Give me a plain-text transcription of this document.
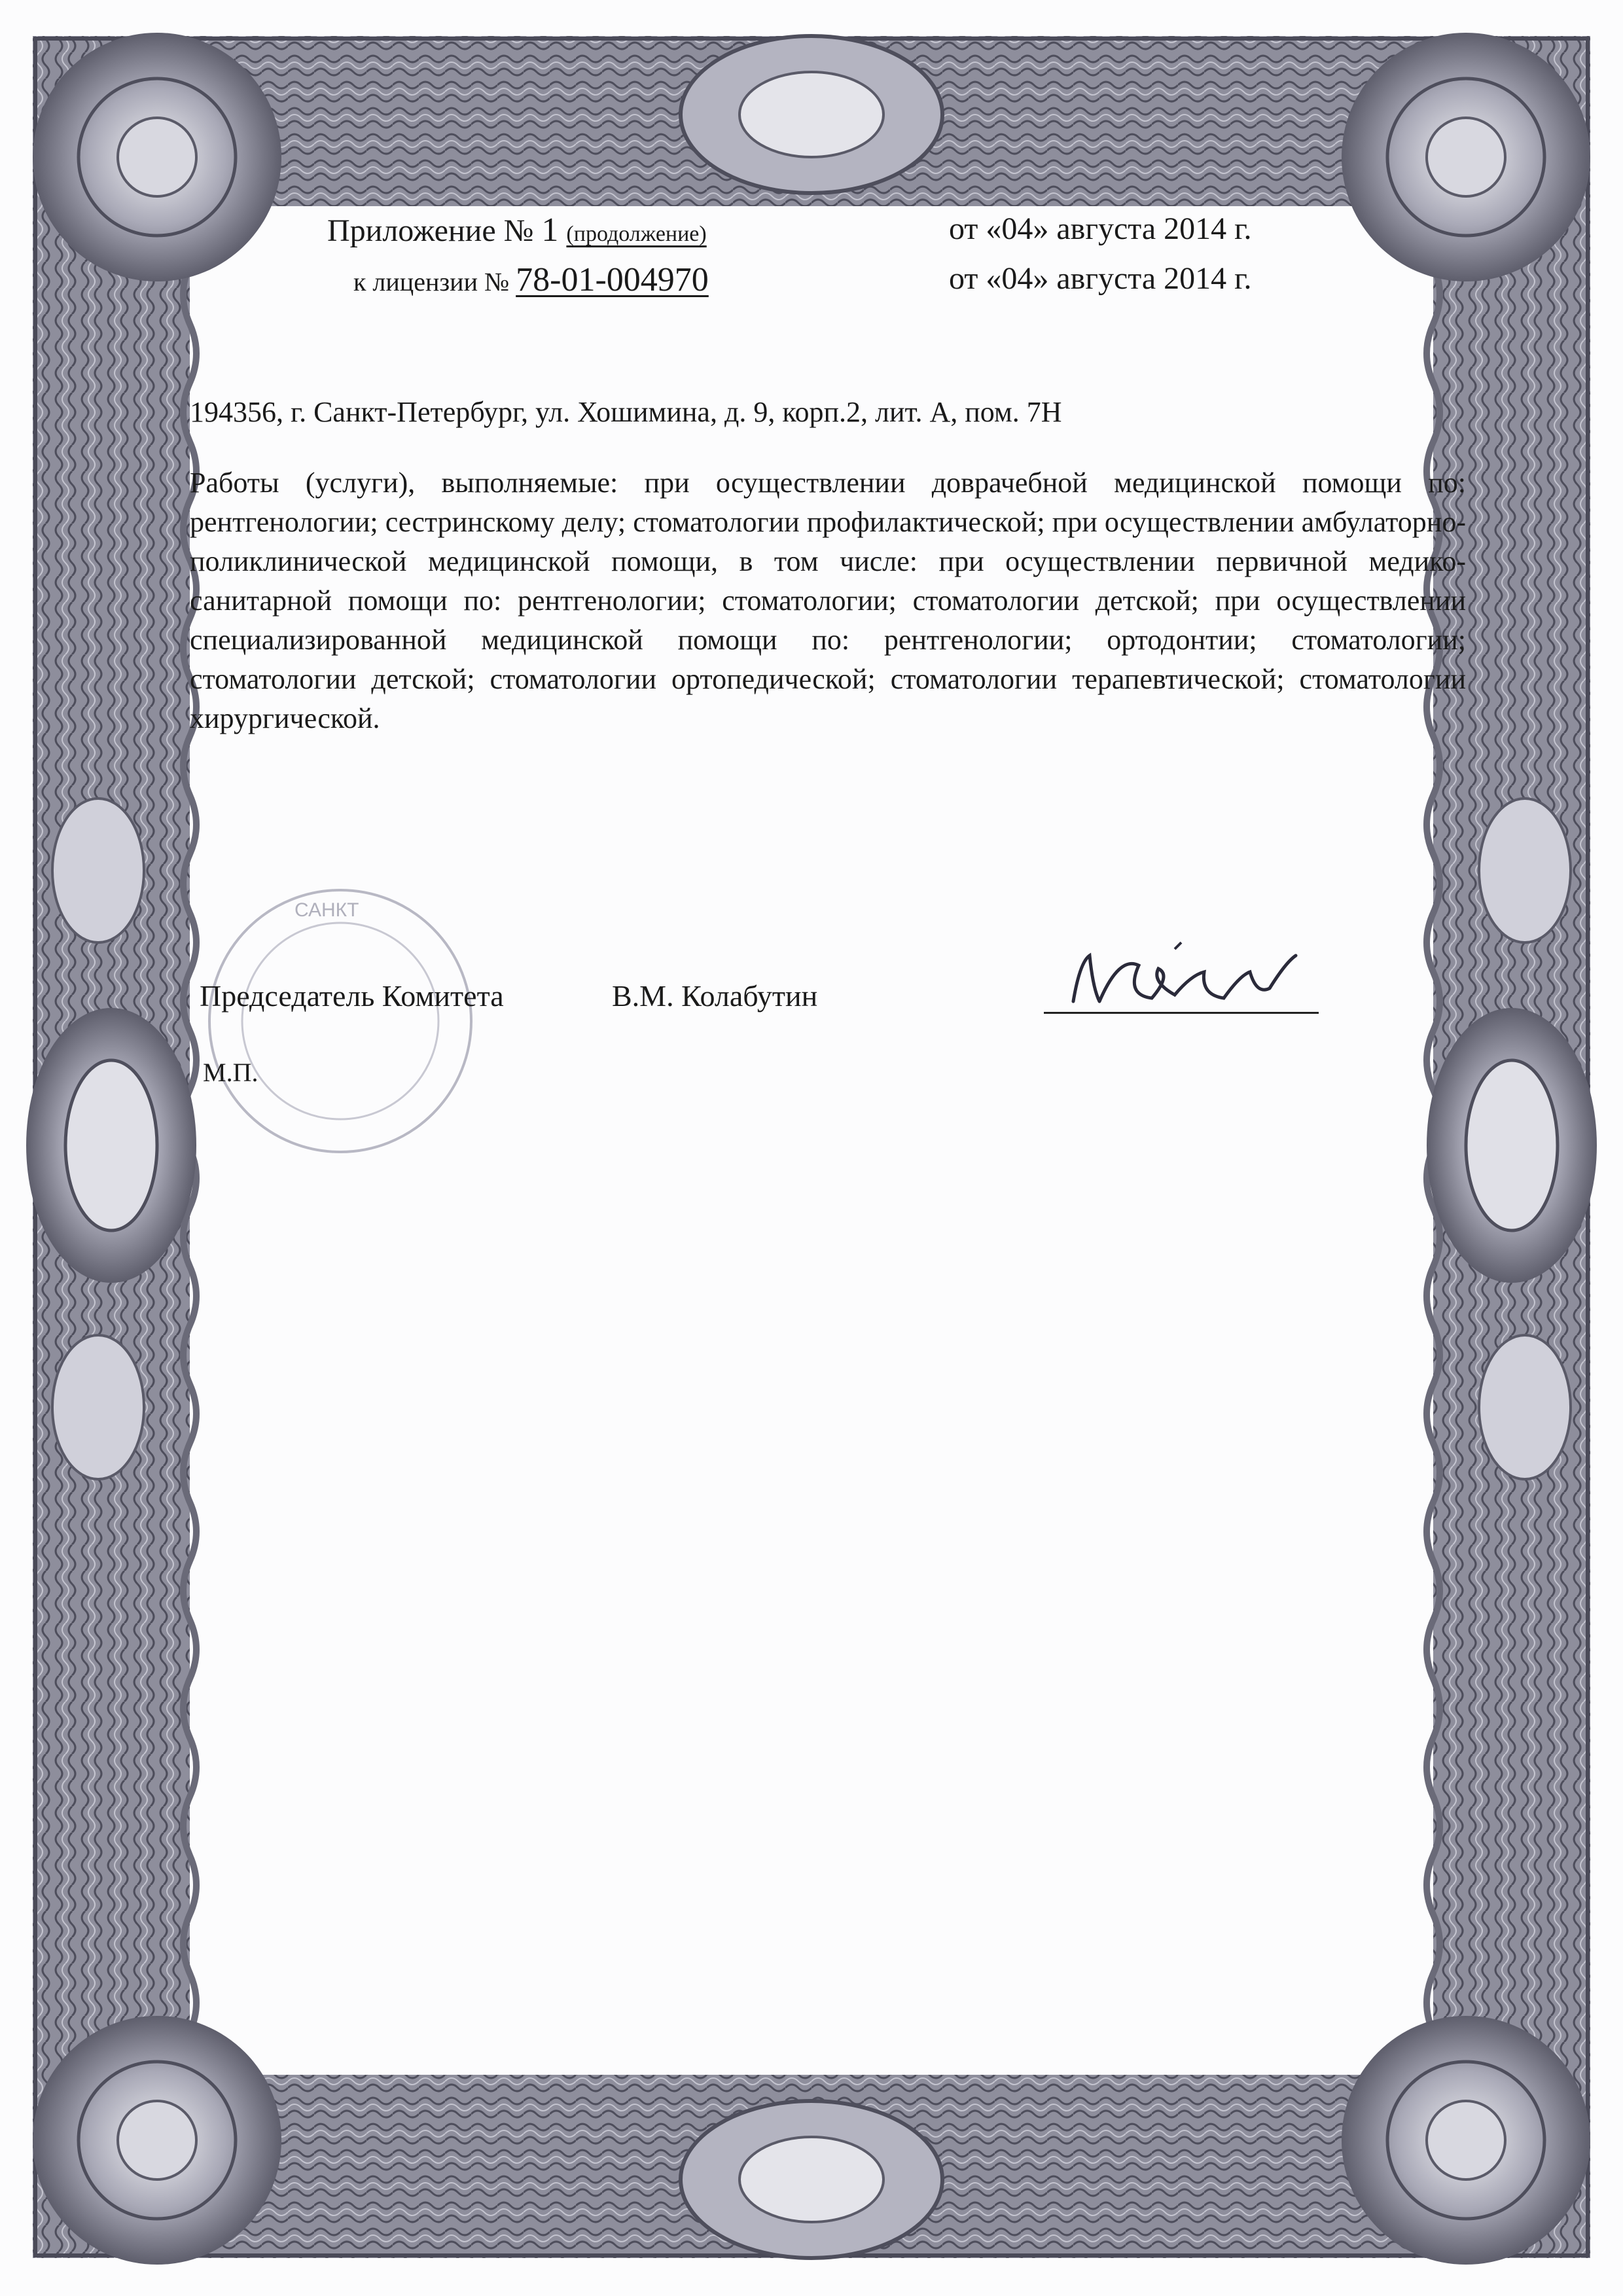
Приложение № 1 (продолжение)	от «04» августа 2014 г.
к лицензии № 78-01-004970	от «04» августа 2014 г.
194356, г. Санкт-Петербург, ул. Хошимина, д. 9, корп.2, лит. А, пом. 7Н
Работы (услуги), выполняемые: при осуществлении доврачебной медицинской помощи по: рентгенологии; сестринскому делу; стоматологии профилактической; при осуществлении амбулаторно-поликлинической медицинской помощи, в том числе: при осуществлении первичной медико-санитарной помощи по: рентгенологии; стоматологии; стоматологии детской; при осуществлении специализированной медицинской помощи по: рентгенологии; ортодонтии; стоматологии; стоматологии детской; стоматологии ортопедической; стоматологии терапевтической; стоматологии хирургической.
САНКТ
Председатель Комитета	В.М. Колабутин
М.П.
